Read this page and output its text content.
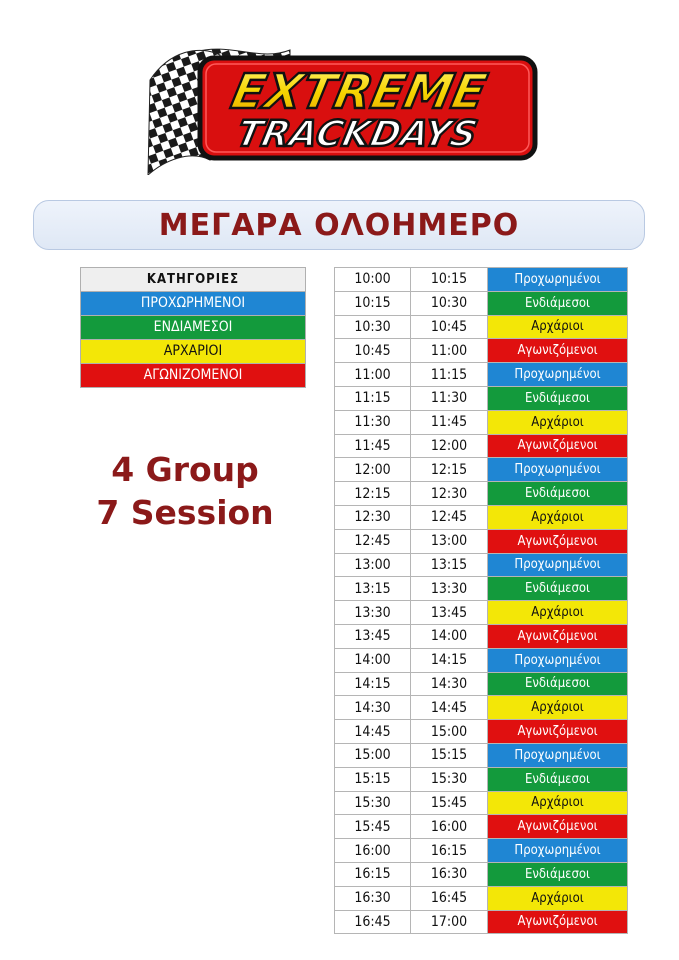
EXTREME
TRACKDAYS
ΜΕΓΑΡΑ ΟΛΟΗΜΕΡΟ
ΚΑΤΗΓΟΡΙΕΣ
ΠΡΟΧΩΡΗΜΕΝΟΙ
ΕΝΔΙΑΜΕΣΟΙ
ΑΡΧΑΡΙΟΙ
ΑΓΩΝΙΖΟΜΕΝΟΙ
4 Group
7 Session
10:00	10:15	Προχωρημένοι
10:15	10:30	Ενδιάμεσοι
10:30	10:45	Αρχάριοι
10:45	11:00	Αγωνιζόμενοι
11:00	11:15	Προχωρημένοι
11:15	11:30	Ενδιάμεσοι
11:30	11:45	Αρχάριοι
11:45	12:00	Αγωνιζόμενοι
12:00	12:15	Προχωρημένοι
12:15	12:30	Ενδιάμεσοι
12:30	12:45	Αρχάριοι
12:45	13:00	Αγωνιζόμενοι
13:00	13:15	Προχωρημένοι
13:15	13:30	Ενδιάμεσοι
13:30	13:45	Αρχάριοι
13:45	14:00	Αγωνιζόμενοι
14:00	14:15	Προχωρημένοι
14:15	14:30	Ενδιάμεσοι
14:30	14:45	Αρχάριοι
14:45	15:00	Αγωνιζόμενοι
15:00	15:15	Προχωρημένοι
15:15	15:30	Ενδιάμεσοι
15:30	15:45	Αρχάριοι
15:45	16:00	Αγωνιζόμενοι
16:00	16:15	Προχωρημένοι
16:15	16:30	Ενδιάμεσοι
16:30	16:45	Αρχάριοι
16:45	17:00	Αγωνιζόμενοι
